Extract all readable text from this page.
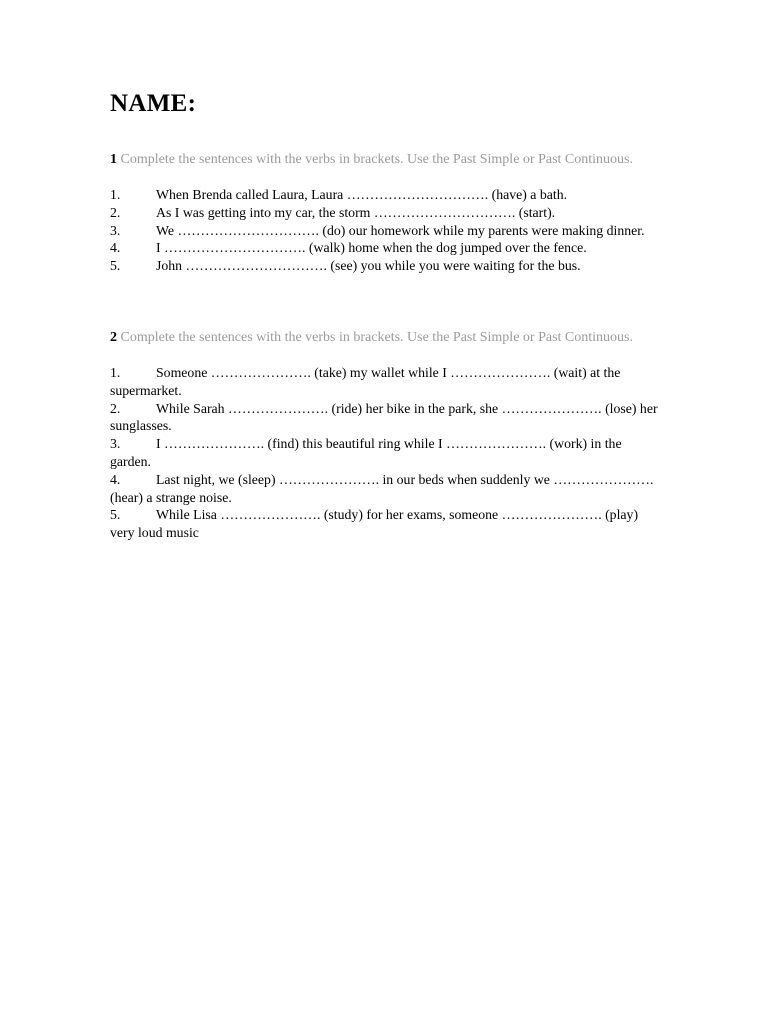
NAME:
1 Complete the sentences with the verbs in brackets. Use the Past Simple or Past Continuous.
1.	When Brenda called Laura, Laura …………………………. (have) a bath.
2.	As I was getting into my car, the storm …………………………. (start).
3.	We …………………………. (do) our homework while my parents were making dinner.
4.	I …………………………. (walk) home when the dog jumped over the fence.
5.	John …………………………. (see) you while you were waiting for the bus.
2 Complete the sentences with the verbs in brackets. Use the Past Simple or Past Continuous.
1.	Someone …………………. (take) my wallet while I …………………. (wait) at the supermarket.
2.	While Sarah …………………. (ride) her bike in the park, she …………………. (lose) her sunglasses.
3.	I …………………. (find) this beautiful ring while I …………………. (work) in the garden.
4.	Last night, we (sleep) …………………. in our beds when suddenly we …………………. (hear) a strange noise.
5.	While Lisa …………………. (study) for her exams, someone …………………. (play) very loud music
